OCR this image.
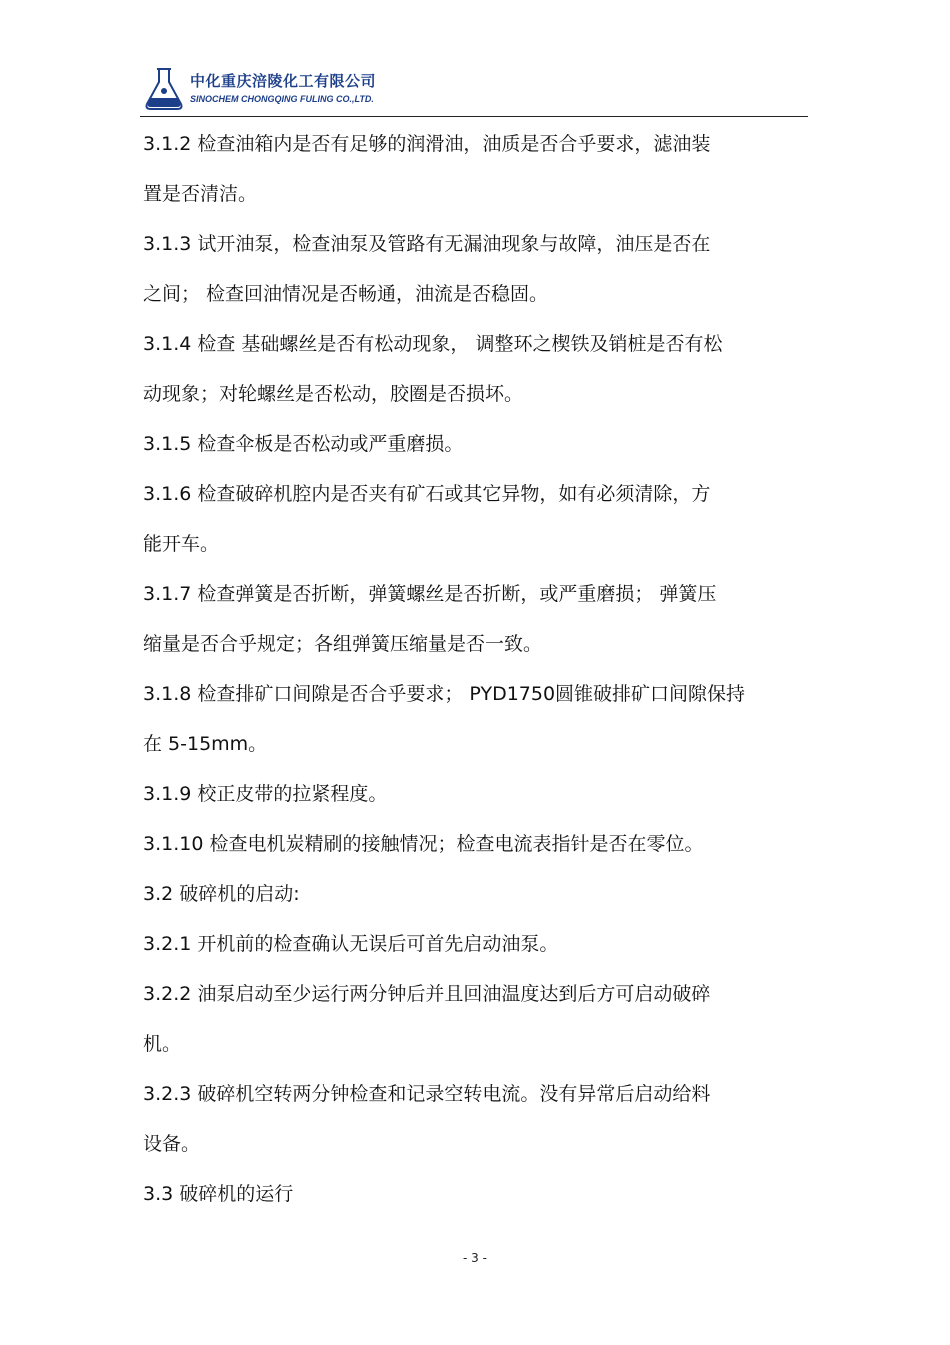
中化重庆涪陵化工有限公司
SINOCHEM CHONGQING FULING CO.,LTD.
3.1.2 检查油箱内是否有足够的润滑油，油质是否合乎要求，滤油装
置是否清洁。
3.1.3 试开油泵，检查油泵及管路有无漏油现象与故障，油压是否在
之间； 检查回油情况是否畅通，油流是否稳固。
3.1.4 检查 基础螺丝是否有松动现象， 调整环之楔铁及销桩是否有松
动现象；对轮螺丝是否松动，胶圈是否损坏。
3.1.5 检查伞板是否松动或严重磨损。
3.1.6 检查破碎机腔内是否夹有矿石或其它异物，如有必须清除，方
能开车。
3.1.7 检查弹簧是否折断，弹簧螺丝是否折断，或严重磨损； 弹簧压
缩量是否合乎规定；各组弹簧压缩量是否一致。
3.1.8 检查排矿口间隙是否合乎要求； PYD1750圆锥破排矿口间隙保持
在 5-15mm。
3.1.9 校正皮带的拉紧程度。
3.1.10 检查电机炭精刷的接触情况；检查电流表指针是否在零位。
3.2 破碎机的启动:
3.2.1 开机前的检查确认无误后可首先启动油泵。
3.2.2 油泵启动至少运行两分钟后并且回油温度达到后方可启动破碎
机。
3.2.3 破碎机空转两分钟检查和记录空转电流。没有异常后启动给料
设备。
3.3 破碎机的运行
- 3 -
